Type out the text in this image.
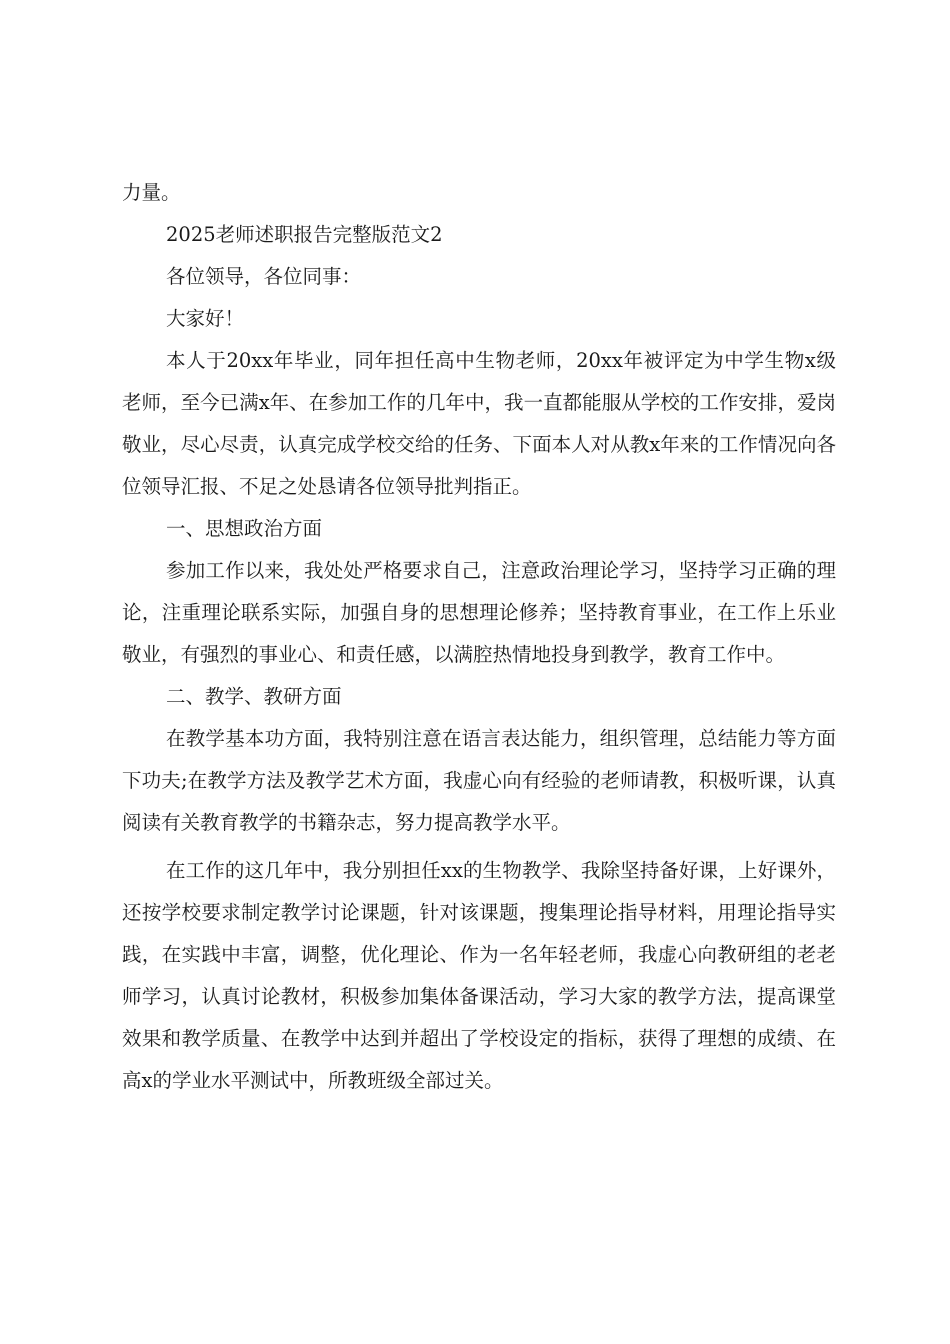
力量。

2025老师述职报告完整版范文2

各位领导，各位同事：

大家好！

本人于20xx年毕业，同年担任高中生物老师，20xx年被评定为中学生物x级老师，至今已满x年、在参加工作的几年中，我一直都能服从学校的工作安排，爱岗敬业，尽心尽责，认真完成学校交给的任务、下面本人对从教x年来的工作情况向各位领导汇报、不足之处恳请各位领导批判指正。

一、思想政治方面

参加工作以来，我处处严格要求自己，注意政治理论学习，坚持学习正确的理论，注重理论联系实际，加强自身的思想理论修养；坚持教育事业，在工作上乐业敬业，有强烈的事业心、和责任感，以满腔热情地投身到教学，教育工作中。

二、教学、教研方面

在教学基本功方面，我特别注意在语言表达能力，组织管理，总结能力等方面下功夫;在教学方法及教学艺术方面，我虚心向有经验的老师请教，积极听课，认真阅读有关教育教学的书籍杂志，努力提高教学水平。

在工作的这几年中，我分别担任xx的生物教学、我除坚持备好课，上好课外，还按学校要求制定教学讨论课题，针对该课题，搜集理论指导材料，用理论指导实践，在实践中丰富，调整，优化理论、作为一名年轻老师，我虚心向教研组的老老师学习，认真讨论教材，积极参加集体备课活动，学习大家的教学方法，提高课堂效果和教学质量、在教学中达到并超出了学校设定的指标，获得了理想的成绩、在高x的学业水平测试中，所教班级全部过关。
